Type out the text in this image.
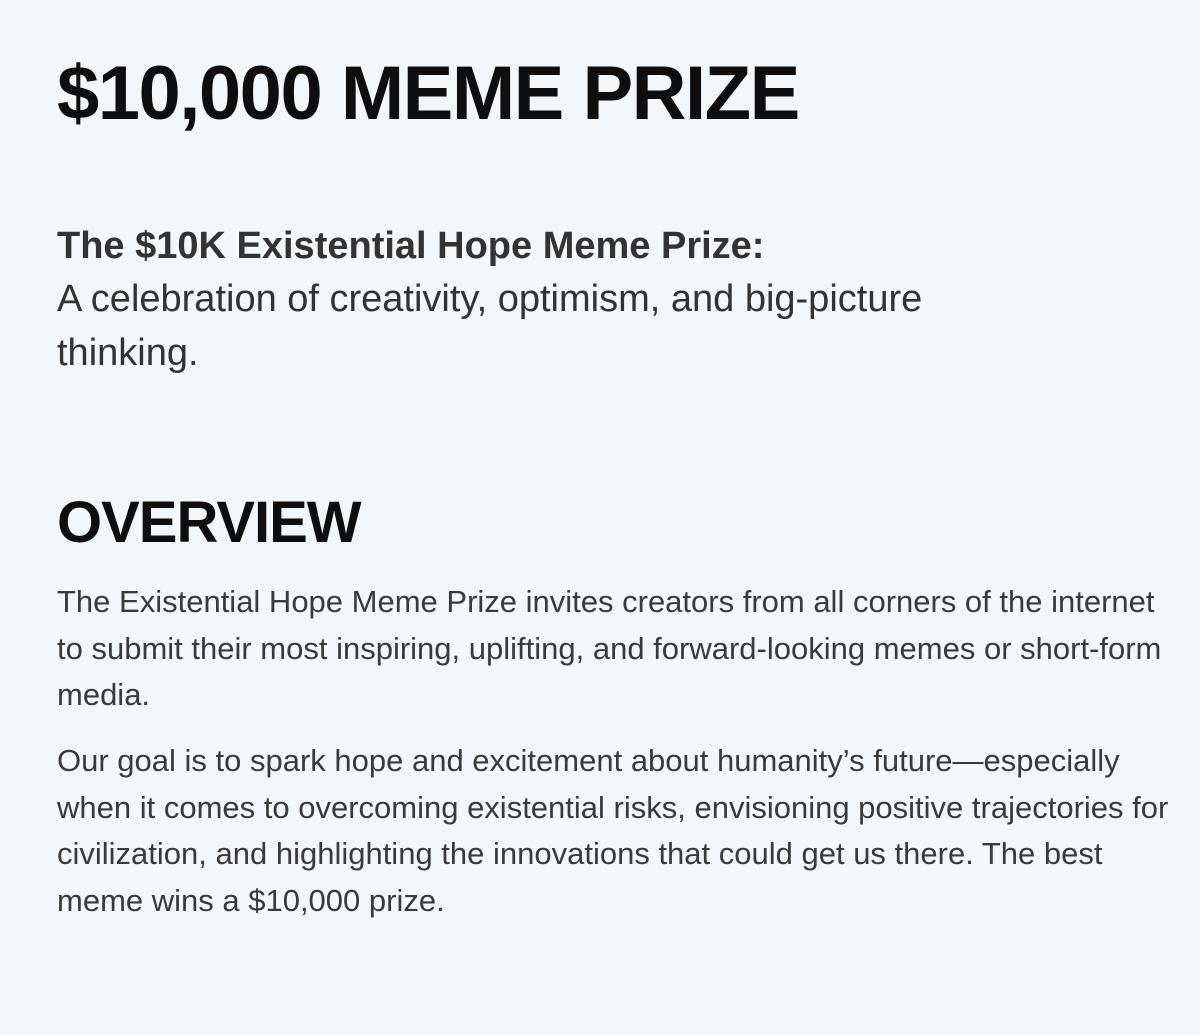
$10,000 MEME PRIZE

The $10K Existential Hope Meme Prize:
A celebration of creativity, optimism, and big-picture thinking.

OVERVIEW

The Existential Hope Meme Prize invites creators from all corners of the internet to submit their most inspiring, uplifting, and forward-looking memes or short-form media.

Our goal is to spark hope and excitement about humanity’s future—especially when it comes to overcoming existential risks, envisioning positive trajectories for civilization, and highlighting the innovations that could get us there. The best meme wins a $10,000 prize.
